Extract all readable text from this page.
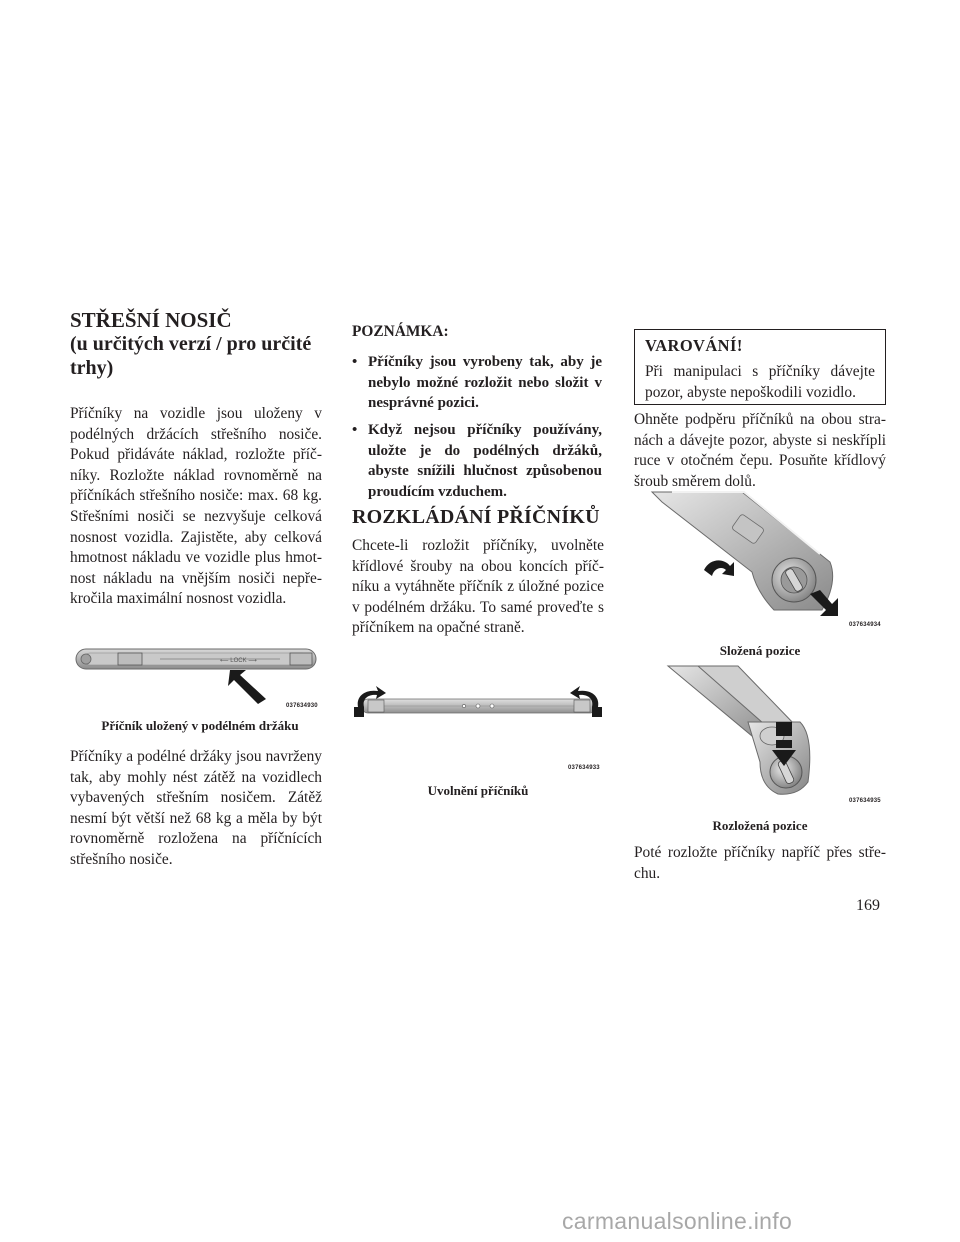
STŘEŠNÍ NOSIČ
(u určitých verzí / pro určité trhy)

Příčníky na vozidle jsou uloženy v podélných držácích střešního nosiče. Pokud přidáváte náklad, rozložte příčníky. Rozložte náklad rovnoměrně na příčníkách střešního nosiče: max. 68 kg. Střešními nosiči se nezvyšuje celková nosnost vozidla. Zajistěte, aby celková hmotnost nákladu ve vozidle plus hmotnost nákladu na vnějším nosiči nepřekročila maximální nosnost vozidla.

⟵ LOCK ⟶
037634930
Příčník uložený v podélném držáku

Příčníky a podélné držáky jsou navrženy tak, aby mohly nést zátěž na vozidlech vybavených střešním nosičem. Zátěž nesmí být větší než 68 kg a měla by být rovnoměrně rozložena na příčnících střešního nosiče.

POZNÁMKA:
• Příčníky jsou vyrobeny tak, aby je nebylo možné rozložit nebo složit v nesprávné pozici.
• Když nejsou příčníky používány, uložte je do podélných držáků, abyste snížili hlučnost způsobenou proudícím vzduchem.
ROZKLÁDÁNÍ PŘÍČNÍKŮ

Chcete-li rozložit příčníky, uvolněte křídlové šrouby na obou koncích příčníku a vytáhněte příčník z úložné pozice v podélném držáku. To samé proveďte s příčníkem na opačné straně.

037634933
Uvolnění příčníků

VAROVÁNÍ!

Při manipulaci s příčníky dávejte pozor, abyste nepoškodili vozidlo.

Ohněte podpěru příčníků na obou stranách a dávejte pozor, abyste si neskřípli ruce v otočném čepu. Posuňte křídlový šroub směrem dolů.

037634934
Složená pozice
037634935
Rozložená pozice

Poté rozložte příčníky napříč přes střechu.

169
carmanualsonline.info
